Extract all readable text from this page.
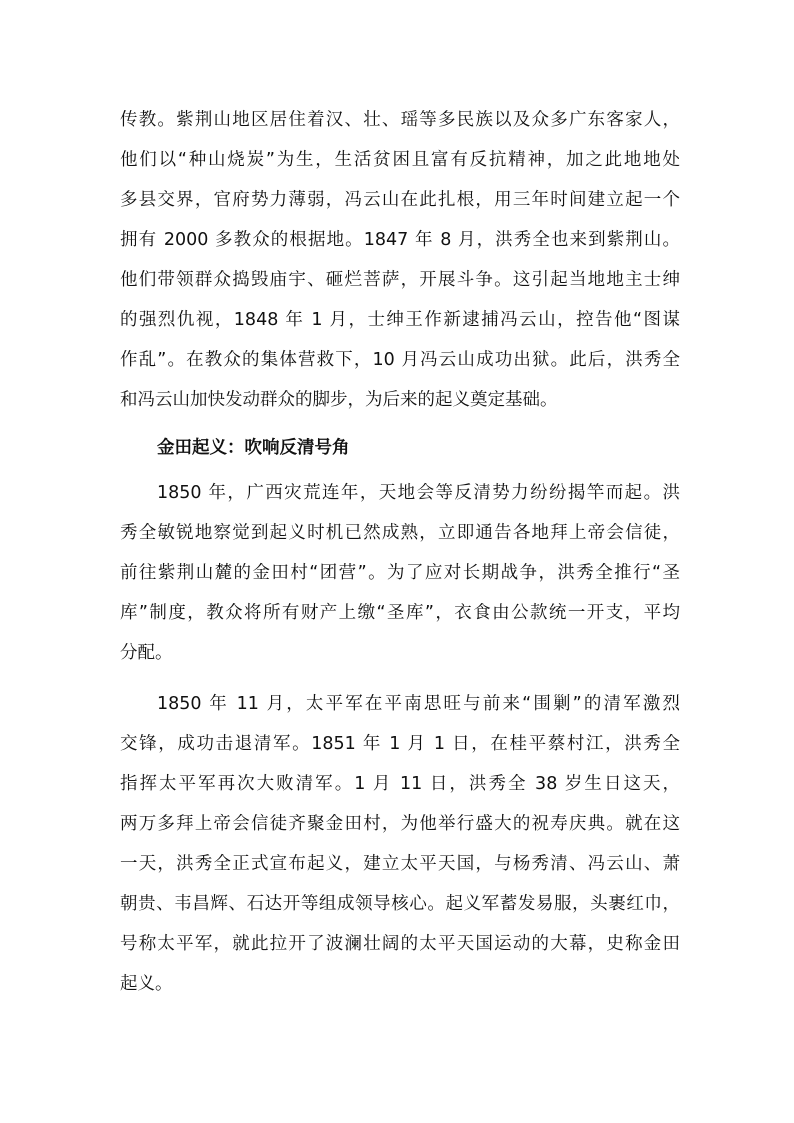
传教。紫荆山地区居住着汉、壮、瑶等多民族以及众多广东客家人，
他们以“种山烧炭”为生，生活贫困且富有反抗精神，加之此地地处
多县交界，官府势力薄弱，冯云山在此扎根，用三年时间建立起一个
拥有 2000 多教众的根据地。1847 年 8 月，洪秀全也来到紫荆山。
他们带领群众捣毁庙宇、砸烂菩萨，开展斗争。这引起当地地主士绅
的强烈仇视，1848 年 1 月，士绅王作新逮捕冯云山，控告他“图谋
作乱”。在教众的集体营救下，10 月冯云山成功出狱。此后，洪秀全
和冯云山加快发动群众的脚步，为后来的起义奠定基础。
金田起义：吹响反清号角
1850 年，广西灾荒连年，天地会等反清势力纷纷揭竿而起。洪
秀全敏锐地察觉到起义时机已然成熟，立即通告各地拜上帝会信徒，
前往紫荆山麓的金田村“团营”。为了应对长期战争，洪秀全推行“圣
库”制度，教众将所有财产上缴“圣库”，衣食由公款统一开支，平均
分配。
1850 年 11 月，太平军在平南思旺与前来“围剿”的清军激烈
交锋，成功击退清军。1851 年 1 月 1 日，在桂平蔡村江，洪秀全
指挥太平军再次大败清军。1 月 11 日，洪秀全 38 岁生日这天，
两万多拜上帝会信徒齐聚金田村，为他举行盛大的祝寿庆典。就在这
一天，洪秀全正式宣布起义，建立太平天国，与杨秀清、冯云山、萧
朝贵、韦昌辉、石达开等组成领导核心。起义军蓄发易服，头裹红巾，
号称太平军，就此拉开了波澜壮阔的太平天国运动的大幕，史称金田
起义。
